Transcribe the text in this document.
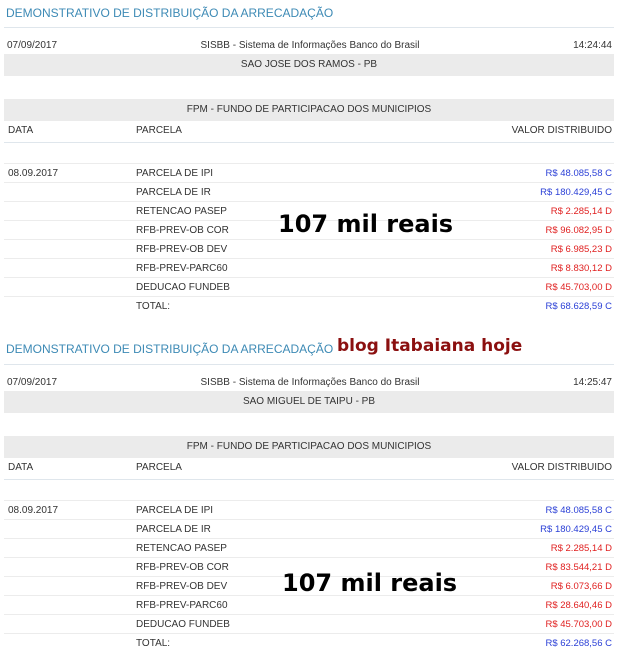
DEMONSTRATIVO DE DISTRIBUIÇÃO DA ARRECADAÇÃO
07/09/2017	SISBB - Sistema de Informações Banco do Brasil	14:24:44
SAO JOSE DOS RAMOS - PB
FPM - FUNDO DE PARTICIPACAO DOS MUNICIPIOS
DATA	PARCELA	VALOR DISTRIBUIDO
08.09.2017	PARCELA DE IPI	R$ 48.085,58 C
PARCELA DE IR	R$ 180.429,45 C
RETENCAO PASEP	R$ 2.285,14 D
RFB-PREV-OB COR	R$ 96.082,95 D
RFB-PREV-OB DEV	R$ 6.985,23 D
RFB-PREV-PARC60	R$ 8.830,12 D
DEDUCAO FUNDEB	R$ 45.703,00 D
TOTAL:	R$ 68.628,59 C
107 mil reais
DEMONSTRATIVO DE DISTRIBUIÇÃO DA ARRECADAÇÃO blog Itabaiana hoje
07/09/2017	SISBB - Sistema de Informações Banco do Brasil	14:25:47
SAO MIGUEL DE TAIPU - PB
FPM - FUNDO DE PARTICIPACAO DOS MUNICIPIOS
DATA	PARCELA	VALOR DISTRIBUIDO
08.09.2017	PARCELA DE IPI	R$ 48.085,58 C
PARCELA DE IR	R$ 180.429,45 C
RETENCAO PASEP	R$ 2.285,14 D
RFB-PREV-OB COR	R$ 83.544,21 D
RFB-PREV-OB DEV	R$ 6.073,66 D
RFB-PREV-PARC60	R$ 28.640,46 D
DEDUCAO FUNDEB	R$ 45.703,00 D
TOTAL:	R$ 62.268,56 C
107 mil reais
